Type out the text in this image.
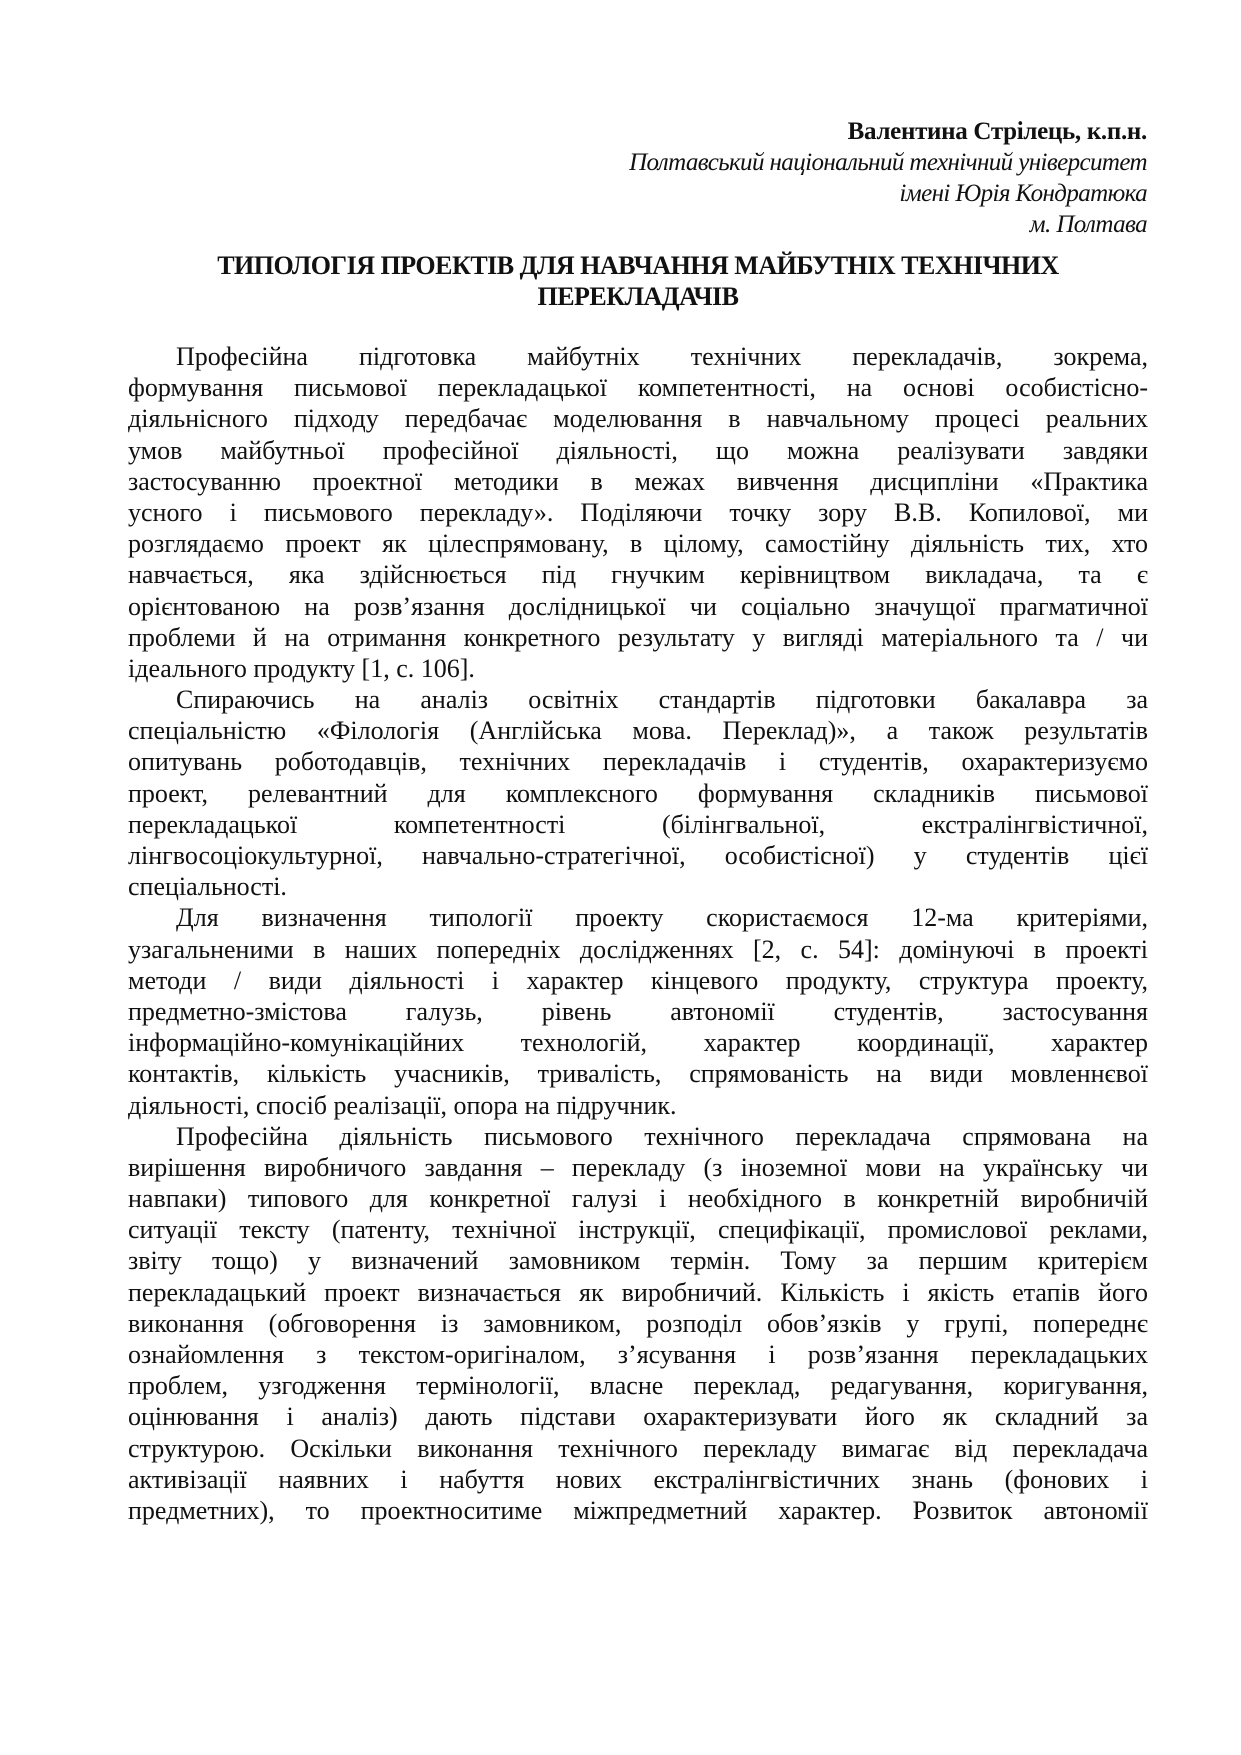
Валентина Стрілець, к.п.н.
Полтавський національний технічний університет
імені Юрія Кондратюка
м. Полтава
ТИПОЛОГІЯ ПРОЕКТІВ ДЛЯ НАВЧАННЯ МАЙБУТНІХ ТЕХНІЧНИХ
ПЕРЕКЛАДАЧІВ
Професійна підготовка майбутніх технічних перекладачів, зокрема,
формування письмової перекладацької компетентності, на основі особистісно-
діяльнісного підходу передбачає моделювання в навчальному процесі реальних
умов майбутньої професійної діяльності, що можна реалізувати завдяки
застосуванню проектної методики в межах вивчення дисципліни «Практика
усного і письмового перекладу». Поділяючи точку зору В.В. Копилової, ми
розглядаємо проект як цілеспрямовану, в цілому, самостійну діяльність тих, хто
навчається, яка здійснюється під гнучким керівництвом викладача, та є
орієнтованою на розв’язання дослідницької чи соціально значущої прагматичної
проблеми й на отримання конкретного результату у вигляді матеріального та / чи
ідеального продукту [1, с. 106].
Спираючись на аналіз освітніх стандартів підготовки бакалавра за
спеціальністю «Філологія (Англійська мова. Переклад)», а також результатів
опитувань роботодавців, технічних перекладачів і студентів, охарактеризуємо
проект, релевантний для комплексного формування складників письмової
перекладацької компетентності (білінгвальної, екстралінгвістичної,
лінгвосоціокультурної, навчально-стратегічної, особистісної) у студентів цієї
спеціальності.
Для визначення типології проекту скористаємося 12-ма критеріями,
узагальненими в наших попередніх дослідженнях [2, с. 54]: домінуючі в проекті
методи / види діяльності і характер кінцевого продукту, структура проекту,
предметно-змістова галузь, рівень автономії студентів, застосування
інформаційно-комунікаційних технологій, характер координації, характер
контактів, кількість учасників, тривалість, спрямованість на види мовленнєвої
діяльності, спосіб реалізації, опора на підручник.
Професійна діяльність письмового технічного перекладача спрямована на
вирішення виробничого завдання – перекладу (з іноземної мови на українську чи
навпаки) типового для конкретної галузі і необхідного в конкретній виробничій
ситуації тексту (патенту, технічної інструкції, специфікації, промислової реклами,
звіту тощо) у визначений замовником термін. Тому за першим критерієм
перекладацький проект визначається як виробничий. Кількість і якість етапів його
виконання (обговорення із замовником, розподіл обов’язків у групі, попереднє
ознайомлення з текстом-оригіналом, з’ясування і розв’язання перекладацьких
проблем, узгодження термінології, власне переклад, редагування, коригування,
оцінювання і аналіз) дають підстави охарактеризувати його як складний за
структурою. Оскільки виконання технічного перекладу вимагає від перекладача
активізації наявних і набуття нових екстралінгвістичних знань (фонових і
предметних), то проектноситиме міжпредметний характер. Розвиток автономії
